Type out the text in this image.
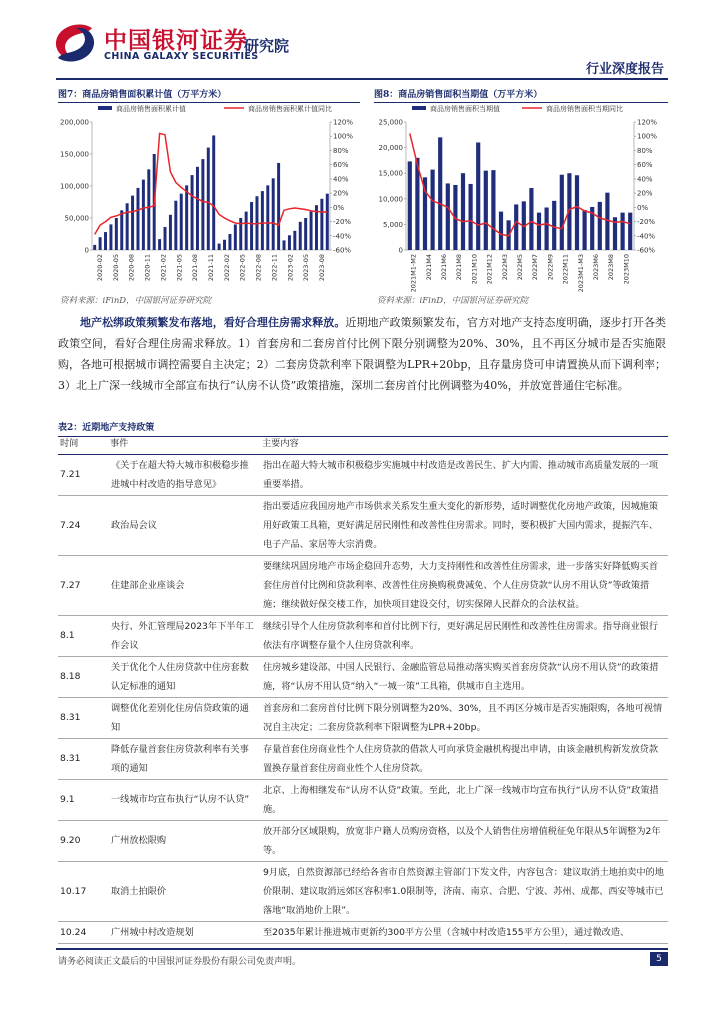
中国银河证券
CHINA GALAXY SECURITIES
研究院
行业深度报告
图7：商品房销售面积累计值（万平方米）	图8：商品房销售面积当期值（万平方米）
商品房销售面积累计值	商品房销售面积累计值同比
0
50,000
100,000
150,000
200,000
-60%
-40%
-20%
0%
20%
40%
60%
80%
100%
120%
2020-02 2020-05 2020-08 2020-11 2021-02 2021-05 2021-08 2021-11 2022-02 2022-05 2022-08 2022-11 2023-02 2023-05 2023-08
商品房销售面积当期值	商品房销售面积当期同比
0
5,000
10,000
15,000
20,000
25,000
-60%
-40%
-20%
0%
20%
40%
60%
80%
100%
120%
2021M1-M2 2021M4 2021M6 2021M8 2021M10 2021M12 2022M3 2022M5 2022M7 2022M9 2022M11 2023M1-M3 2023M6 2023M8 2023M10
资料来源：iFinD，中国银河证券研究院	资料来源：iFinD，中国银河证券研究院
地产松绑政策频繁发布落地，看好合理住房需求释放。近期地产政策频繁发布，官方对地产支持态度明确，逐步打开各类政策空间，看好合理住房需求释放。1）首套房和二套房首付比例下限分别调整为20%、30%，且不再区分城市是否实施限购，各地可根据城市调控需要自主决定；2）二套房贷款利率下限调整为LPR+20bp，且存量房贷可申请置换从而下调利率；3）北上广深一线城市全部宣布执行“认房不认贷”政策措施，深圳二套房首付比例调整为40%，并放宽普通住宅标准。
表2：近期地产支持政策
时间	事件	主要内容
7.21	《关于在超大特大城市积极稳步推进城中村改造的指导意见》	指出在超大特大城市积极稳步实施城中村改造是改善民生、扩大内需、推动城市高质量发展的一项重要举措。
7.24	政治局会议	指出要适应我国房地产市场供求关系发生重大变化的新形势，适时调整优化房地产政策，因城施策用好政策工具箱，更好满足居民刚性和改善性住房需求。同时，要积极扩大国内需求，提振汽车、电子产品、家居等大宗消费。
7.27	住建部企业座谈会	要继续巩固房地产市场企稳回升态势，大力支持刚性和改善性住房需求，进一步落实好降低购买首套住房首付比例和贷款利率、改善性住房换购税费减免、个人住房贷款“认房不用认贷”等政策措施；继续做好保交楼工作，加快项目建设交付，切实保障人民群众的合法权益。
8.1	央行、外汇管理局2023年下半年工作会议	继续引导个人住房贷款利率和首付比例下行，更好满足居民刚性和改善性住房需求。指导商业银行依法有序调整存量个人住房贷款利率。
8.18	关于优化个人住房贷款中住房套数认定标准的通知	住房城乡建设部、中国人民银行、金融监管总局推动落实购买首套房贷款“认房不用认贷”的政策措施，将“认房不用认贷”纳入“一城一策”工具箱，供城市自主选用。
8.31	调整优化差别化住房信贷政策的通知	首套房和二套房首付比例下限分别调整为20%、30%，且不再区分城市是否实施限购，各地可视情况自主决定；二套房贷款利率下限调整为LPR+20bp。
8.31	降低存量首套住房贷款利率有关事项的通知	存量首套住房商业性个人住房贷款的借款人可向承贷金融机构提出申请，由该金融机构新发放贷款置换存量首套住房商业性个人住房贷款。
9.1	一线城市均宣布执行“认房不认贷”	北京、上海相继发布“认房不认贷”政策。至此，北上广深一线城市均宣布执行“认房不认贷”政策措施。
9.20	广州放松限购	放开部分区域限购，放宽非户籍人员购房资格，以及个人销售住房增值税征免年限从5年调整为2年等。
10.17	取消土拍限价	9月底，自然资源部已经给各省市自然资源主管部门下发文件，内容包含：建议取消土地拍卖中的地价限制、建议取消远郊区容积率1.0限制等，济南、南京、合肥、宁波、苏州、成都、西安等城市已落地“取消地价上限”。
10.24	广州城中村改造规划	至2035年累计推进城市更新约300平方公里（含城中村改造155平方公里），通过微改造、
请务必阅读正文最后的中国银河证券股份有限公司免责声明。	5
